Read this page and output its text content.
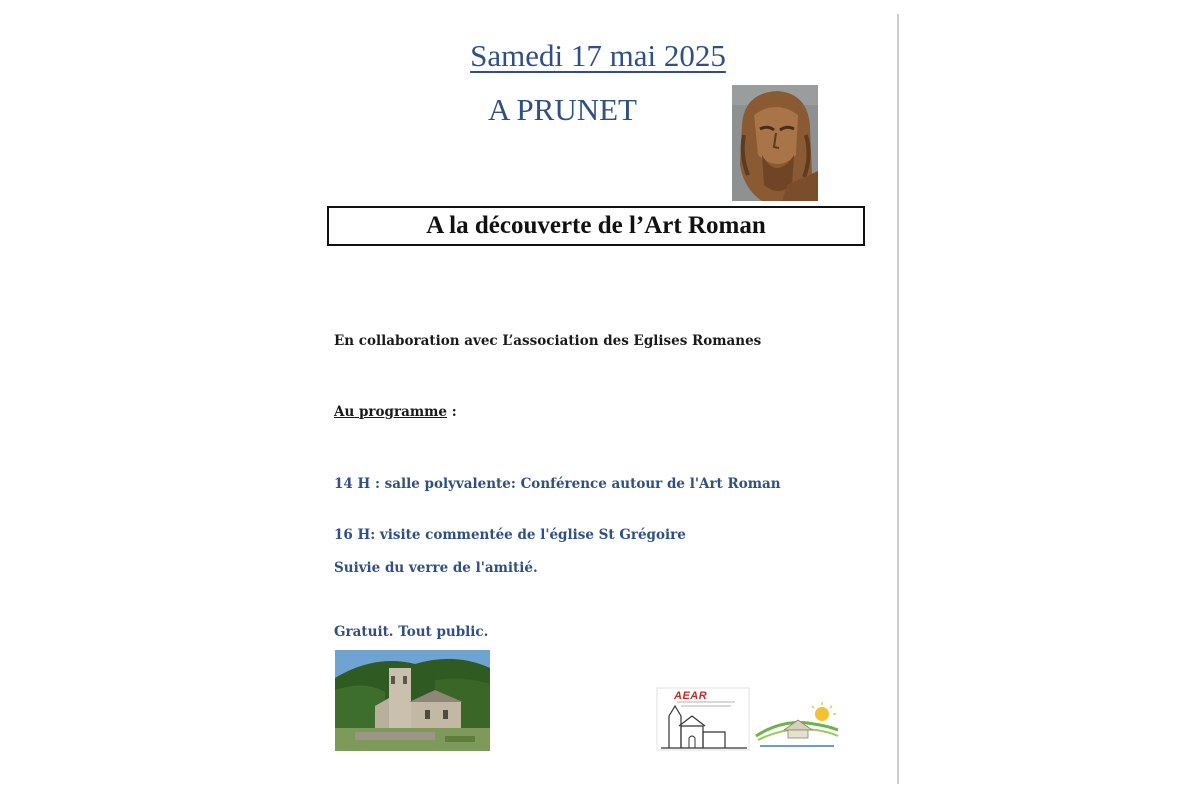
Samedi 17 mai 2025
A PRUNET
A la découverte de l’Art Roman

En collaboration avec L’association des Eglises Romanes

Au programme :

14 H : salle polyvalente: Conférence autour de l'Art Roman

16 H: visite commentée de l'église St Grégoire

Suivie du verre de l'amitié.

Gratuit. Tout public.

AEAR
